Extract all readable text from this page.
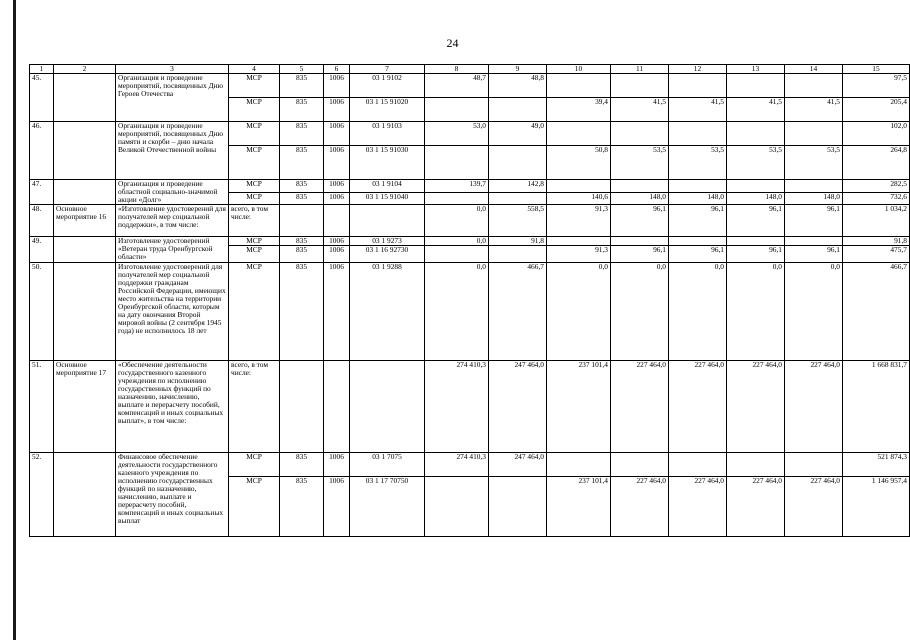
24
1	2	3	4	5	6	7	8	9	10	11	12	13	14	15
45.		Организация и проведение мероприятий, посвященных Дню Героев Отечества	МСР	835	1006	03 1 9102	48,7	48,8						97,5
			МСР	835	1006	03 1 15 91020			39,4	41,5	41,5	41,5	41,5	205,4
46.		Организация и проведение мероприятий, посвященных Дню памяти и скорби – дню начала Великой Отечественной войны	МСР	835	1006	03 1 9103	53,0	49,0						102,0
			МСР	835	1006	03 1 15 91030			50,8	53,5	53,5	53,5	53,5	264,8
47.		Организация и проведение областной социально-значимой акции «Долг»	МСР	835	1006	03 1 9104	139,7	142,8						282,5
			МСР	835	1006	03 1 15 91040			140,6	148,0	148,0	148,0	148,0	732,6
48.	Основное мероприятие 16	«Изготовление удостоверений для получателей мер социальной поддержки», в том числе:	всего, в том числе:				0,0	558,5	91,3	96,1	96,1	96,1	96,1	1 034,2
49.		Изготовление удостоверений «Ветеран труда Оренбургской области»	МСР	835	1006	03 1 9273	0,0	91,8						91,8
			МСР	835	1006	03 1 16 92730			91,3	96,1	96,1	96,1	96,1	475,7
50.		Изготовление удостоверений для получателей мер социальной поддержки гражданам Российской Федерации, имеющих место жительства на территории Оренбургской области, которым на дату окончания Второй мировой войны (2 сентября 1945 года) не исполнилось 18 лет	МСР	835	1006	03 1 9288	0,0	466,7	0,0	0,0	0,0	0,0	0,0	466,7
51.	Основное мероприятие 17	«Обеспечение деятельности государственного казенного учреждения по исполнению государственных функций по назначению, начислению, выплате и перерасчету пособий, компенсаций и иных социальных выплат», в том числе:	всего, в том числе:				274 410,3	247 464,0	237 101,4	227 464,0	227 464,0	227 464,0	227 464,0	1 668 831,7
52.		Финансовое обеспечение деятельности государственного казенного учреждения по исполнению государственных функций по назначению, начислению, выплате и перерасчету пособий, компенсаций и иных социальных выплат	МСР	835	1006	03 1 7075	274 410,3	247 464,0						521 874,3
			МСР	835	1006	03 1 17 70750			237 101,4	227 464,0	227 464,0	227 464,0	227 464,0	1 146 957,4
